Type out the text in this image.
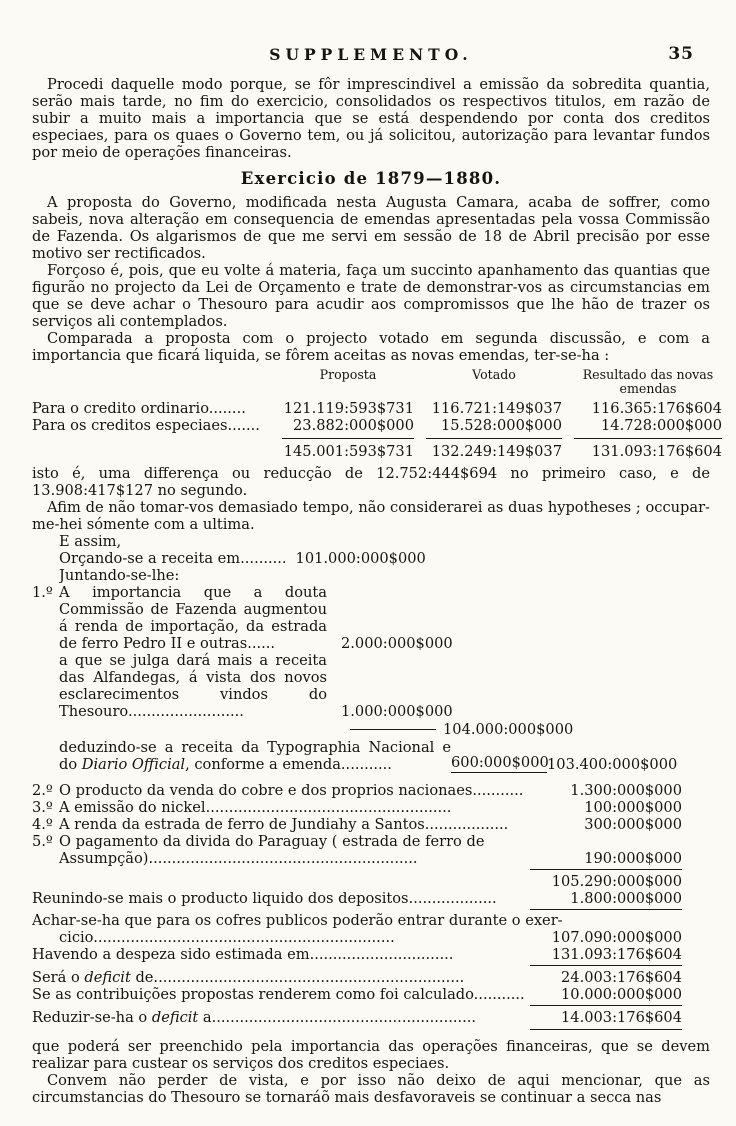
SUPPLEMENTO.	35

Procedi daquelle modo porque, se fôr imprescindivel a emissão da sobredita quantia, serão mais tarde, no fim do exercicio, consolidados os respectivos titulos, em razão de subir a muito mais a importancia que se está despendendo por conta dos creditos especiaes, para os quaes o Governo tem, ou já solicitou, autorização para levantar fundos por meio de operações financeiras.

Exercicio de 1879—1880.

A proposta do Governo, modificada nesta Augusta Camara, acaba de soffrer, como sabeis, nova alteração em consequencia de emendas apresentadas pela vossa Commissão de Fazenda. Os algarismos de que me servi em sessão de 18 de Abril precisão por esse motivo ser rectificados.

Forçoso é, pois, que eu volte á materia, faça um succinto apanhamento das quantias que figurão no projecto da Lei de Orçamento e trate de demonstrar-vos as circumstancias em que se deve achar o Thesouro para acudir aos compromissos que lhe hão de trazer os serviços ali contemplados.

Comparada a proposta com o projecto votado em segunda discussão, e com a importancia que ficará liquida, se fôrem aceitas as novas emendas, ter-se-ha :

Proposta	Votado	Resultado das novas emendas
Para o credito ordinario........	121.119:593$731	116.721:149$037	116.365:176$604
Para os creditos especiaes.......	23.882:000$000	15.528:000$000	14.728:000$000
145.001:593$731	132.249:149$037	131.093:176$604

isto é, uma differença ou reducção de 12.752:444$694 no primeiro caso, e de 13.908:417$127 no segundo.

Afim de não tomar-vos demasiado tempo, não considerarei as duas hypotheses ; occupar-me-hei sómente com a ultima.

E assim,
Orçando-se a receita em.......... 101.000:000$000
Juntando-se-lhe:
1.º A importancia que a douta Commissão de Fazenda augmentou á renda de importação, da estrada de ferro Pedro II e outras......	2.000:000$000

a que se julga dará mais a receita das Alfandegas, á vista dos novos esclarecimentos vindos do Thesouro.........................	1.000:000$000
104.000:000$000

deduzindo-se a receita da Typographia Nacional e do Diario Official, conforme a emenda...........	600:000$000
103.400:000$000
2.º O producto da venda do cobre e dos proprios nacionaes...........	1.300:000$000
3.º A emissão do nickel.....................................................	100:000$000
4.º A renda da estrada de ferro de Jundiahy a Santos..................	300:000$000
5.º O pagamento da divida do Paraguay ( estrada de ferro de
Assumpção)..........................................................	190:000$000
105.290:000$000
Reunindo-se mais o producto liquido dos depositos...................	1.800:000$000
Achar-se-ha que para os cofres publicos poderão entrar durante o exer-
cicio.................................................................	107.090:000$000
Havendo a despeza sido estimada em...............................	131.093:176$604
Será o deficit de...................................................................	24.003:176$604
Se as contribuições propostas renderem como foi calculado...........	10.000:000$000
Reduzir-se-ha o deficit a.........................................................	14.003:176$604

que poderá ser preenchido pela importancia das operações financeiras, que se devem realizar para custear os serviços dos creditos especiaes.

Convem não perder de vista, e por isso não deixo de aqui mencionar, que as circumstancias do Thesouro se tornaráõ mais desfavoraveis se continuar a secca nas
